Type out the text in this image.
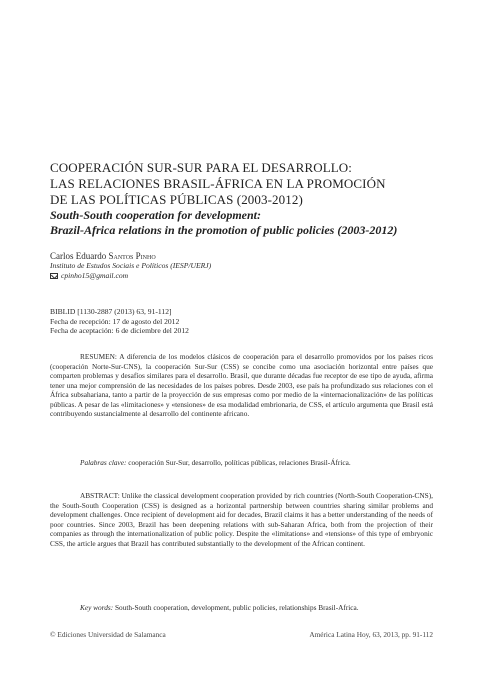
COOPERACIÓN SUR-SUR PARA EL DESARROLLO:
LAS RELACIONES BRASIL-ÁFRICA EN LA PROMOCIÓN
DE LAS POLÍTICAS PÚBLICAS (2003-2012)
South-South cooperation for development:
Brazil-Africa relations in the promotion of public policies (2003-2012)
Carlos Eduardo Santos Pinho
Instituto de Estudos Sociais e Políticos (IESP/UERJ)
cpinho15@gmail.com
BIBLID [1130-2887 (2013) 63, 91-112]
Fecha de recepción: 17 de agosto del 2012
Fecha de aceptación: 6 de diciembre del 2012

RESUMEN: A diferencia de los modelos clásicos de cooperación para el desarrollo promovidos por los países ricos (cooperación Norte-Sur-CNS), la cooperación Sur-Sur (CSS) se concibe como una asociación horizontal entre países que comparten problemas y desafíos similares para el desarrollo. Brasil, que durante décadas fue receptor de ese tipo de ayuda, afirma tener una mejor comprensión de las necesidades de los países pobres. Desde 2003, ese país ha profundizado sus relaciones con el África subsahariana, tanto a partir de la proyección de sus empresas como por medio de la «internacionalización» de las políticas públicas. A pesar de las «limitaciones» y «tensiones» de esa modalidad embrionaria, de CSS, el artículo argumenta que Brasil está contribuyendo sustancialmente al desarrollo del continente africano.

Palabras clave: cooperación Sur-Sur, desarrollo, políticas públicas, relaciones Brasil-África.

ABSTRACT: Unlike the classical development cooperation provided by rich countries (North-South Cooperation-CNS), the South-South Cooperation (CSS) is designed as a horizontal partnership between countries sharing similar problems and development challenges. Once recipient of development aid for decades, Brazil claims it has a better understanding of the needs of poor countries. Since 2003, Brazil has been deepening relations with sub-Saharan Africa, both from the projection of their companies as through the internationalization of public policy. Despite the «limitations» and «tensions» of this type of embryonic CSS, the article argues that Brazil has contributed substantially to the development of the African continent.

Key words: South-South cooperation, development, public policies, relationships Brasil-Africa.
© Ediciones Universidad de Salamanca	América Latina Hoy, 63, 2013, pp. 91-112
